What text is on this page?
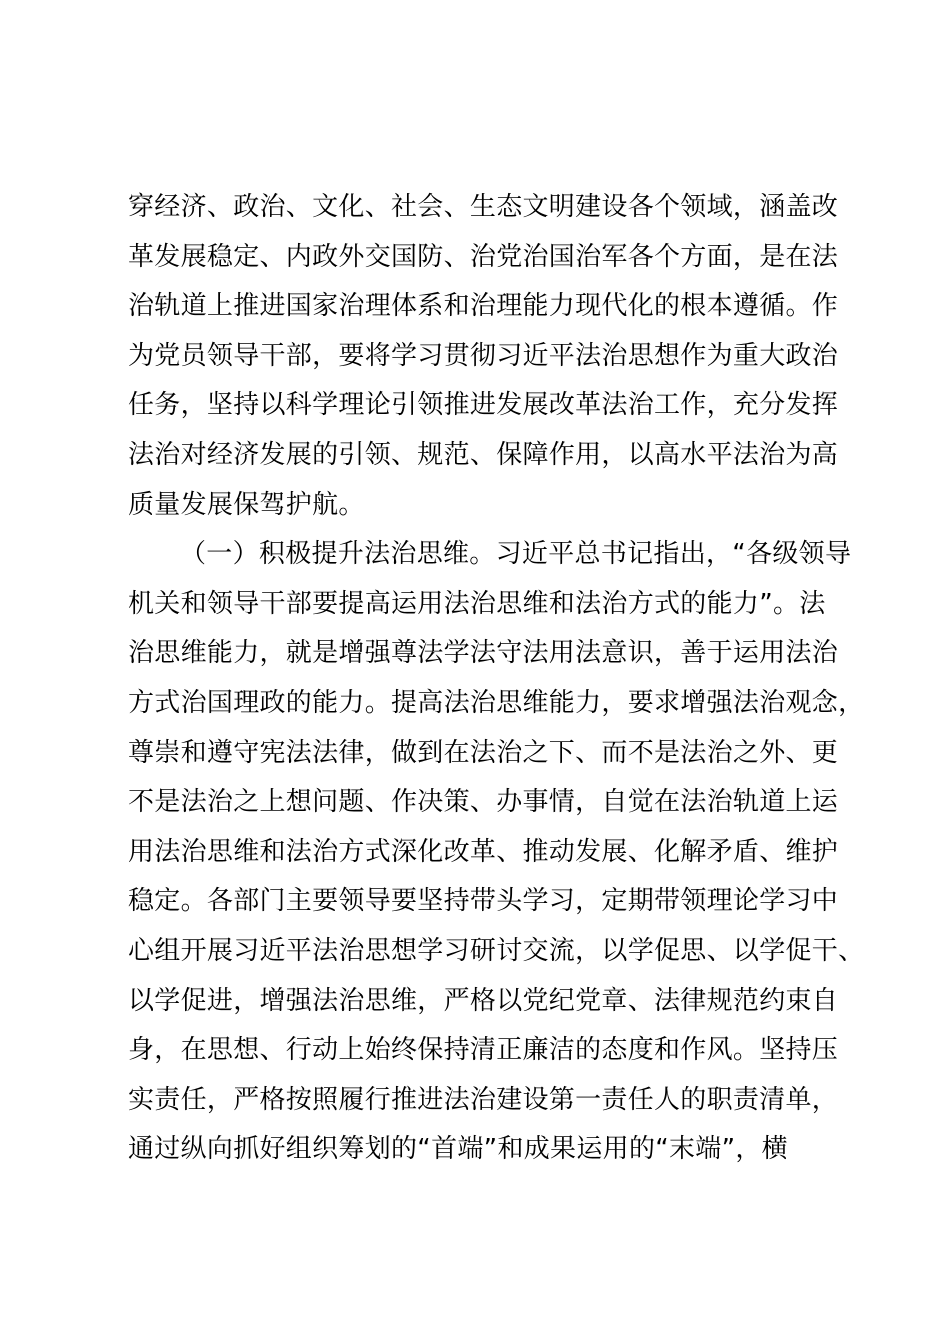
穿经济、政治、文化、社会、生态文明建设各个领域，涵盖改
革发展稳定、内政外交国防、治党治国治军各个方面，是在法
治轨道上推进国家治理体系和治理能力现代化的根本遵循。作
为党员领导干部，要将学习贯彻习近平法治思想作为重大政治
任务，坚持以科学理论引领推进发展改革法治工作，充分发挥
法治对经济发展的引领、规范、保障作用，以高水平法治为高
质量发展保驾护航。
（一）积极提升法治思维。习近平总书记指出，“各级领导
机关和领导干部要提高运用法治思维和法治方式的能力”。法
治思维能力，就是增强尊法学法守法用法意识，善于运用法治
方式治国理政的能力。提高法治思维能力，要求增强法治观念，
尊崇和遵守宪法法律，做到在法治之下、而不是法治之外、更
不是法治之上想问题、作决策、办事情，自觉在法治轨道上运
用法治思维和法治方式深化改革、推动发展、化解矛盾、维护
稳定。各部门主要领导要坚持带头学习，定期带领理论学习中
心组开展习近平法治思想学习研讨交流，以学促思、以学促干、
以学促进，增强法治思维，严格以党纪党章、法律规范约束自
身，在思想、行动上始终保持清正廉洁的态度和作风。坚持压
实责任，严格按照履行推进法治建设第一责任人的职责清单，
通过纵向抓好组织筹划的“首端”和成果运用的“末端”，横
